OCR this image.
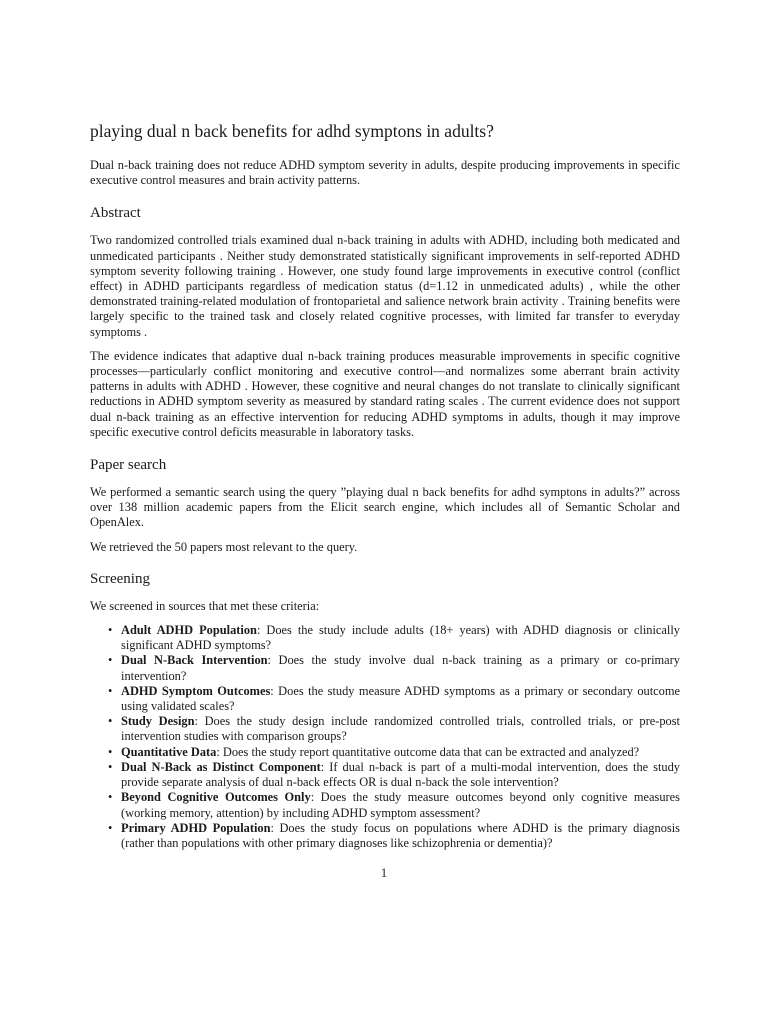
playing dual n back benefits for adhd symptons in adults?

Dual n-back training does not reduce ADHD symptom severity in adults, despite producing improvements in specific executive control measures and brain activity patterns.

Abstract

Two randomized controlled trials examined dual n-back training in adults with ADHD, including both medicated and unmedicated participants . Neither study demonstrated statistically significant improvements in self-reported ADHD symptom severity following training . However, one study found large improvements in executive control (conflict effect) in ADHD participants regardless of medication status (d=1.12 in unmedicated adults) , while the other demonstrated training-related modulation of frontoparietal and salience network brain activity . Training benefits were largely specific to the trained task and closely related cognitive processes, with limited far transfer to everyday symptoms .

The evidence indicates that adaptive dual n-back training produces measurable improvements in specific cognitive processes—particularly conflict monitoring and executive control—and normalizes some aberrant brain activity patterns in adults with ADHD . However, these cognitive and neural changes do not translate to clinically significant reductions in ADHD symptom severity as measured by standard rating scales . The current evidence does not support dual n-back training as an effective intervention for reducing ADHD symptoms in adults, though it may improve specific executive control deficits measurable in laboratory tasks.

Paper search

We performed a semantic search using the query ”playing dual n back benefits for adhd symptons in adults?” across over 138 million academic papers from the Elicit search engine, which includes all of Semantic Scholar and OpenAlex.

We retrieved the 50 papers most relevant to the query.

Screening

We screened in sources that met these criteria:

• Adult ADHD Population: Does the study include adults (18+ years) with ADHD diagnosis or clinically significant ADHD symptoms?
• Dual N-Back Intervention: Does the study involve dual n-back training as a primary or co-primary intervention?
• ADHD Symptom Outcomes: Does the study measure ADHD symptoms as a primary or secondary outcome using validated scales?
• Study Design: Does the study design include randomized controlled trials, controlled trials, or pre-post intervention studies with comparison groups?
• Quantitative Data: Does the study report quantitative outcome data that can be extracted and analyzed?
• Dual N-Back as Distinct Component: If dual n-back is part of a multi-modal intervention, does the study provide separate analysis of dual n-back effects OR is dual n-back the sole intervention?
• Beyond Cognitive Outcomes Only: Does the study measure outcomes beyond only cognitive measures (working memory, attention) by including ADHD symptom assessment?
• Primary ADHD Population: Does the study focus on populations where ADHD is the primary diagnosis (rather than populations with other primary diagnoses like schizophrenia or dementia)?
1
